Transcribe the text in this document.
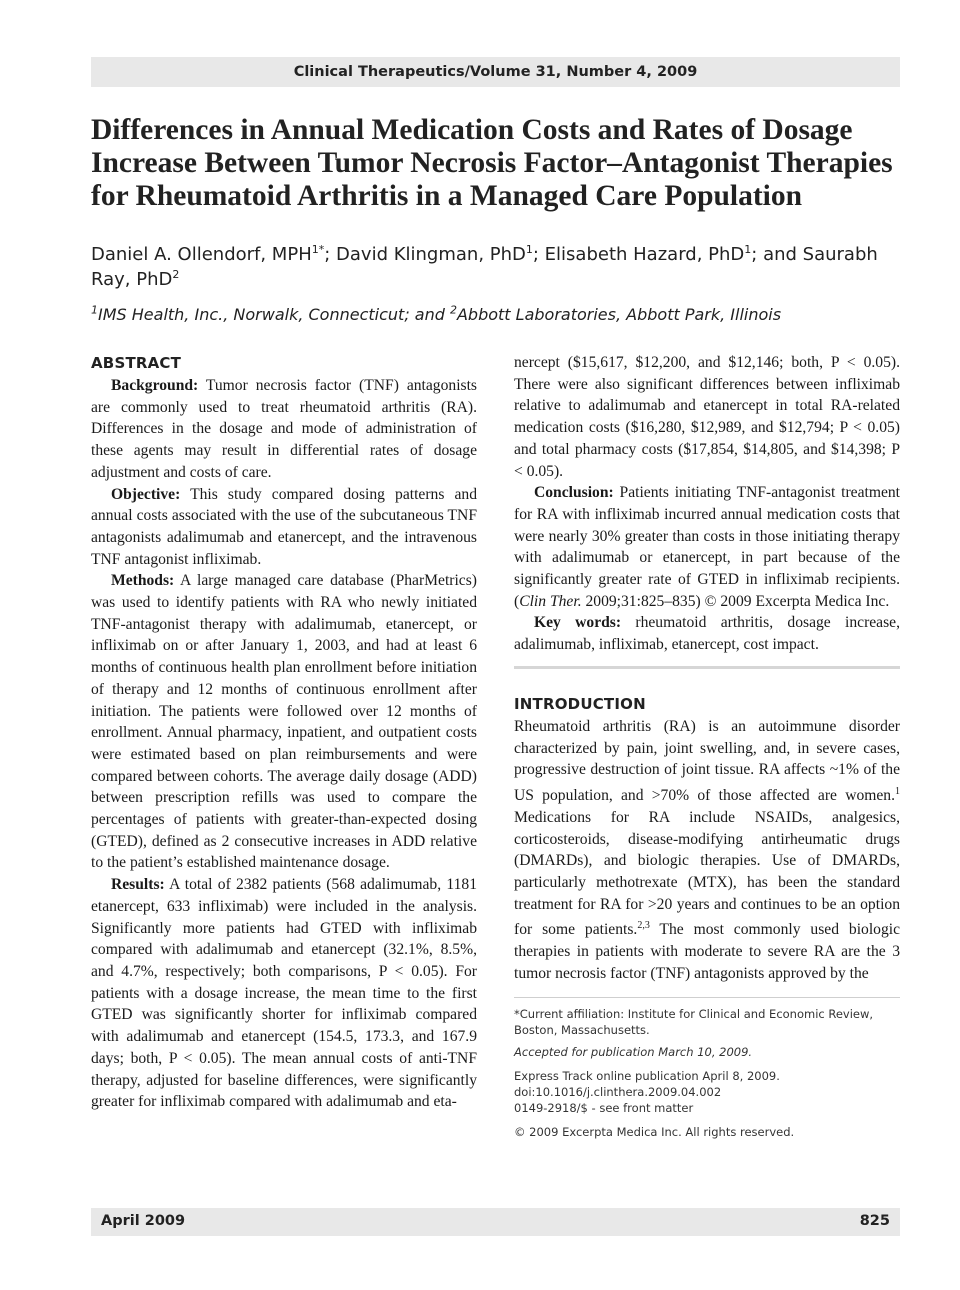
Clinical Therapeutics/Volume 31, Number 4, 2009
Differences in Annual Medication Costs and Rates of Dosage Increase Between Tumor Necrosis Factor–Antagonist Therapies for Rheumatoid Arthritis in a Managed Care Population
Daniel A. Ollendorf, $MPH^{1*}$; David Klingman, PhD$^1$; Elisabeth Hazard, PhD$^1$; and Saurabh Ray, PhD$^2$
$^1$IMS Health, Inc., Norwalk, Connecticut; and $^2$Abbott Laboratories, Abbott Park, Illinois
ABSTRACT

Background: Tumor necrosis factor (TNF) antagonists are commonly used to treat rheumatoid arthritis (RA). Differences in the dosage and mode of administration of these agents may result in differential rates of dosage adjustment and costs of care.

Objective: This study compared dosing patterns and annual costs associated with the use of the subcutaneous TNF antagonists adalimumab and etanercept, and the intravenous TNF antagonist infliximab.

Methods: A large managed care database (PharMetrics) was used to identify patients with RA who newly initiated TNF-antagonist therapy with adalimumab, etanercept, or infliximab on or after January 1, 2003, and had at least 6 months of continuous health plan enrollment before initiation of therapy and 12 months of continuous enrollment after initiation. The patients were followed over 12 months of enrollment. Annual pharmacy, inpatient, and outpatient costs were estimated based on plan reimbursements and were compared between cohorts. The average daily dosage (ADD) between prescription refills was used to compare the percentages of patients with greater-than-expected dosing (GTED), defined as 2 consecutive increases in ADD relative to the patient’s established maintenance dosage.

Results: A total of 2382 patients (568 adalimumab, 1181 etanercept, 633 infliximab) were included in the analysis. Significantly more patients had GTED with infliximab compared with adalimumab and etanercept (32.1%, 8.5%, and 4.7%, respectively; both comparisons, P < 0.05). For patients with a dosage increase, the mean time to the first GTED was significantly shorter for infliximab compared with adalimumab and etanercept (154.5, 173.3, and 167.9 days; both, P < 0.05). The mean annual costs of anti-TNF therapy, adjusted for baseline differences, were significantly greater for infliximab compared with adalimumab and eta-

nercept ($15,617, $12,200, and $12,146; both, P < 0.05). There were also significant differences between infliximab relative to adalimumab and etanercept in total RA-related medication costs ($16,280, $12,989, and $12,794; P < 0.05) and total pharmacy costs ($17,854, $14,805, and $14,398; P < 0.05).

Conclusion: Patients initiating TNF-antagonist treatment for RA with infliximab incurred annual medication costs that were nearly 30% greater than costs in those initiating therapy with adalimumab or etanercept, in part because of the significantly greater rate of GTED in infliximab recipients. (Clin Ther. 2009;31:825–835) © 2009 Excerpta Medica Inc.

Key words: rheumatoid arthritis, dosage increase, adalimumab, infliximab, etanercept, cost impact.

INTRODUCTION

Rheumatoid arthritis (RA) is an autoimmune disorder characterized by pain, joint swelling, and, in severe cases, progressive destruction of joint tissue. RA affects ~1% of the US population, and >70% of those affected are women.$^1$ Medications for RA include NSAIDs, analgesics, corticosteroids, disease-modifying antirheumatic drugs (DMARDs), and biologic therapies. Use of DMARDs, particularly methotrexate (MTX), has been the standard treatment for RA for >20 years and continues to be an option for some patients.$^{2,3}$ The most commonly used biologic therapies in patients with moderate to severe RA are the 3 tumor necrosis factor (TNF) antagonists approved by the

*Current affiliation: Institute for Clinical and Economic Review, Boston, Massachusetts.

Accepted for publication March 10, 2009.

Express Track online publication April 8, 2009.

doi:10.1016/j.clinthera.2009.04.002

0149-2918/$ - see front matter

© 2009 Excerpta Medica Inc. All rights reserved.

April 2009	825
